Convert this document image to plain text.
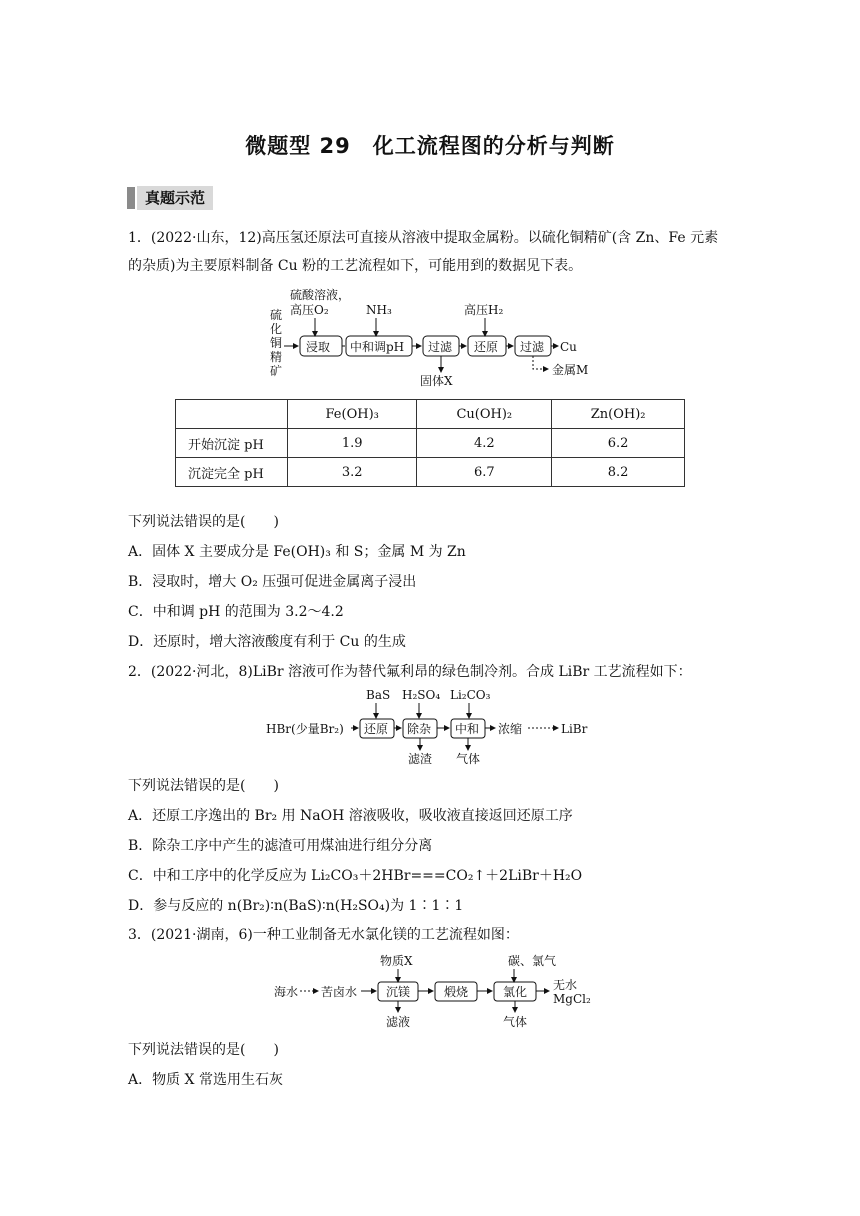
微题型 29　化工流程图的分析与判断
真题示范
1．(2022·山东，12)高压氢还原法可直接从溶液中提取金属粉。以硫化铜精矿(含 Zn、Fe 元素
的杂质)为主要原料制备 Cu 粉的工艺流程如下，可能用到的数据见下表。
硫
化
铜
精
矿
硫酸溶液，
高压O₂	NH₃	高压H₂
浸取 中和调pH 过滤
固体X
还原 过滤 Cu
金属M
	Fe(OH)₃	Cu(OH)₂	Zn(OH)₂
开始沉淀 pH	1.9	4.2	6.2
沉淀完全 pH	3.2	6.7	8.2
下列说法错误的是(　　)
A．固体 X 主要成分是 Fe(OH)₃ 和 S；金属 M 为 Zn
B．浸取时，增大 O₂ 压强可促进金属离子浸出
C．中和调 pH 的范围为 3.2～4.2
D．还原时，增大溶液酸度有利于 Cu 的生成
2．(2022·河北，8)LiBr 溶液可作为替代氟利昂的绿色制冷剂。合成 LiBr 工艺流程如下：
BaS H₂SO₄ Li₂CO₃
HBr(少量Br₂) 还原 除杂 中和 浓缩	LiBr
滤渣 气体
下列说法错误的是(　　)
A．还原工序逸出的 Br₂ 用 NaOH 溶液吸收，吸收液直接返回还原工序
B．除杂工序中产生的滤渣可用煤油进行组分分离
C．中和工序中的化学反应为 Li₂CO₃＋2HBr===CO₂↑＋2LiBr＋H₂O
D．参与反应的 n(Br₂)∶n(BaS)∶n(H₂SO₄)为 1∶1∶1
3．(2021·湖南，6)一种工业制备无水氯化镁的工艺流程如图：
物质X	碳、氯气
海水 苦卤水 沉镁	煅烧	氯化 无水
MgCl₂
滤液	气体
下列说法错误的是(　　)
A．物质 X 常选用生石灰
